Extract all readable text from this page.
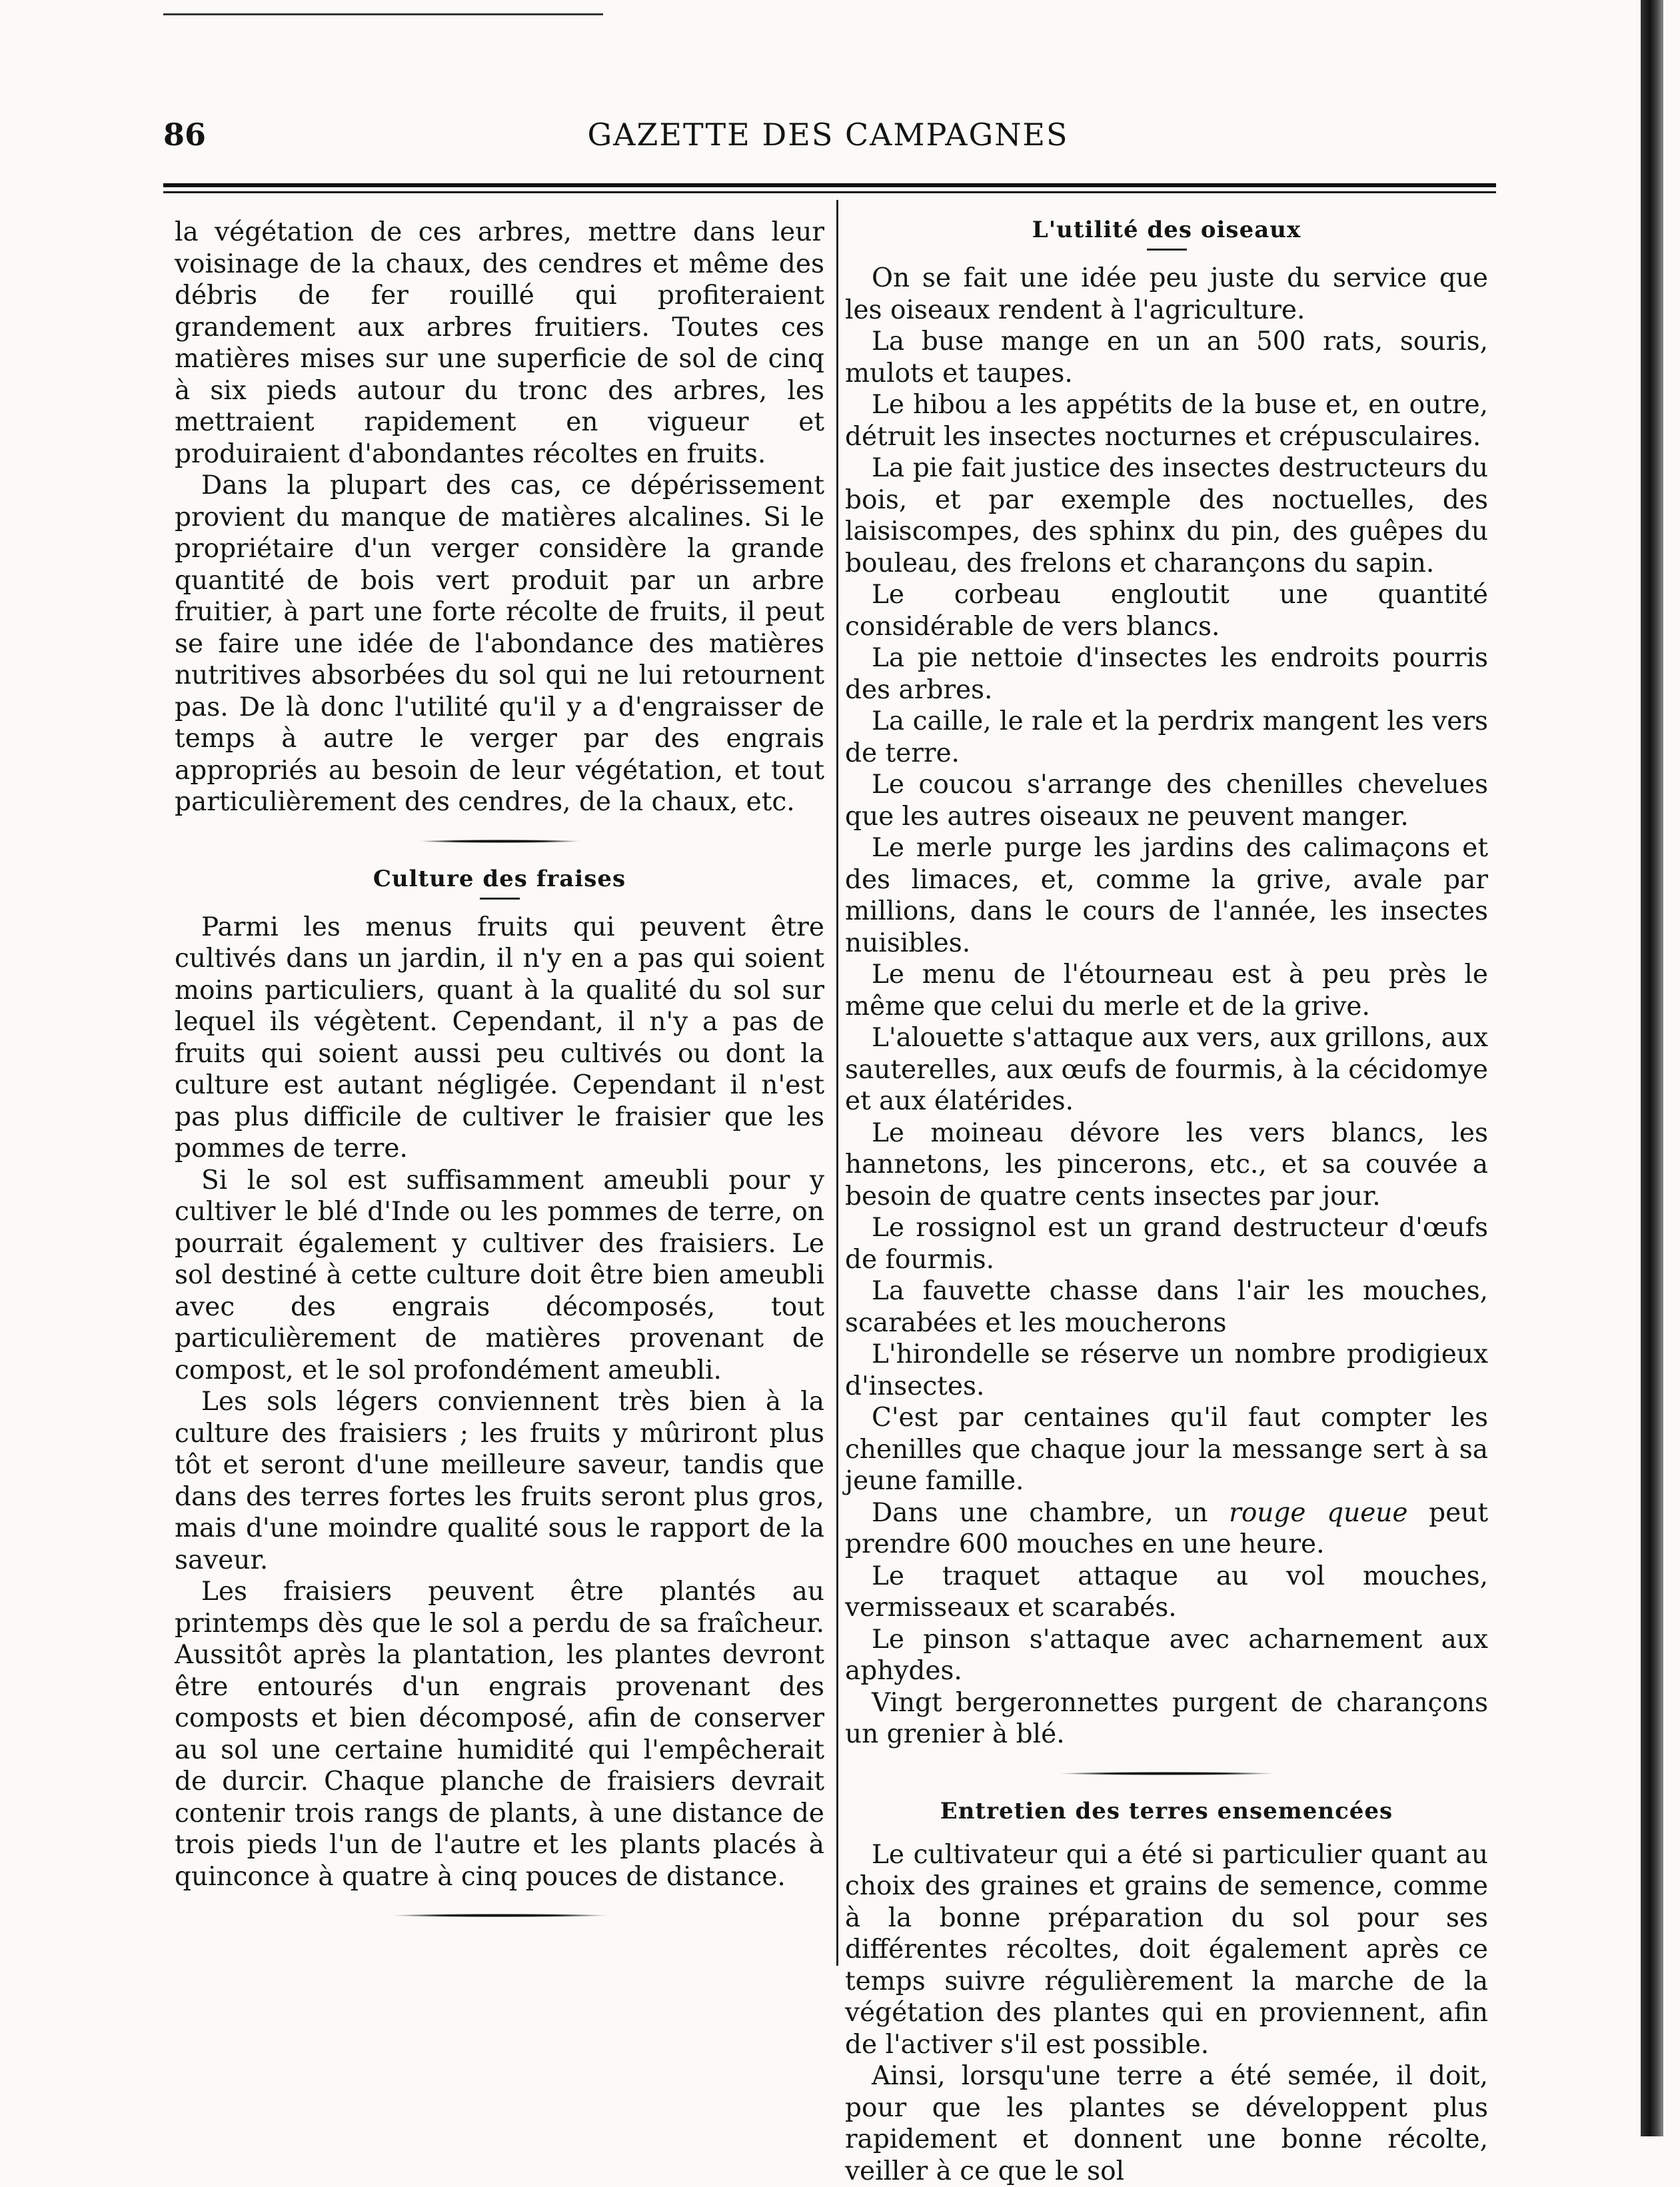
86	GAZETTE DES CAMPAGNES

la végétation de ces arbres, mettre dans leur voisinage de la chaux, des cendres et même des débris de fer rouillé qui profiteraient grandement aux arbres fruitiers. Toutes ces matières mises sur une superficie de sol de cinq à six pieds autour du tronc des arbres, les mettraient rapidement en vigueur et produiraient d'abondantes récoltes en fruits.

Dans la plupart des cas, ce dépérissement provient du manque de matières alcalines. Si le propriétaire d'un verger considère la grande quantité de bois vert produit par un arbre fruitier, à part une forte récolte de fruits, il peut se faire une idée de l'abondance des matières nutritives absorbées du sol qui ne lui retournent pas. De là donc l'utilité qu'il y a d'engraisser de temps à autre le verger par des engrais appropriés au besoin de leur végétation, et tout particulièrement des cendres, de la chaux, etc.

Culture des fraises

Parmi les menus fruits qui peuvent être cultivés dans un jardin, il n'y en a pas qui soient moins particuliers, quant à la qualité du sol sur lequel ils végètent. Cependant, il n'y a pas de fruits qui soient aussi peu cultivés ou dont la culture est autant négligée. Cependant il n'est pas plus difficile de cultiver le fraisier que les pommes de terre.

Si le sol est suffisamment ameubli pour y cultiver le blé d'Inde ou les pommes de terre, on pourrait également y cultiver des fraisiers. Le sol destiné à cette culture doit être bien ameubli avec des engrais décomposés, tout particulièrement de matières provenant de compost, et le sol profondément ameubli.

Les sols légers conviennent très bien à la culture des fraisiers ; les fruits y mûriront plus tôt et seront d'une meilleure saveur, tandis que dans des terres fortes les fruits seront plus gros, mais d'une moindre qualité sous le rapport de la saveur.

Les fraisiers peuvent être plantés au printemps dès que le sol a perdu de sa fraîcheur. Aussitôt après la plantation, les plantes devront être entourés d'un engrais provenant des composts et bien décomposé, afin de conserver au sol une certaine humidité qui l'empêcherait de durcir. Chaque planche de fraisiers devrait contenir trois rangs de plants, à une distance de trois pieds l'un de l'autre et les plants placés à quinconce à quatre à cinq pouces de distance.

L'utilité des oiseaux

On se fait une idée peu juste du service que les oiseaux rendent à l'agriculture.

La buse mange en un an 500 rats, souris, mulots et taupes.

Le hibou a les appétits de la buse et, en outre, détruit les insectes nocturnes et crépusculaires.

La pie fait justice des insectes destructeurs du bois, et par exemple des noctuelles, des laisiscompes, des sphinx du pin, des guêpes du bouleau, des frelons et charançons du sapin.

Le corbeau engloutit une quantité considérable de vers blancs.

La pie nettoie d'insectes les endroits pourris des arbres.

La caille, le rale et la perdrix mangent les vers de terre.

Le coucou s'arrange des chenilles chevelues que les autres oiseaux ne peuvent manger.

Le merle purge les jardins des calimaçons et des limaces, et, comme la grive, avale par millions, dans le cours de l'année, les insectes nuisibles.

Le menu de l'étourneau est à peu près le même que celui du merle et de la grive.

L'alouette s'attaque aux vers, aux grillons, aux sauterelles, aux œufs de fourmis, à la cécidomye et aux élatérides.

Le moineau dévore les vers blancs, les hannetons, les pincerons, etc., et sa couvée a besoin de quatre cents insectes par jour.

Le rossignol est un grand destructeur d'œufs de fourmis.

La fauvette chasse dans l'air les mouches, scarabées et les moucherons

L'hirondelle se réserve un nombre prodigieux d'insectes.

C'est par centaines qu'il faut compter les chenilles que chaque jour la messange sert à sa jeune famille.

Dans une chambre, un rouge queue peut prendre 600 mouches en une heure.

Le traquet attaque au vol mouches, vermisseaux et scarabés.

Le pinson s'attaque avec acharnement aux aphydes.

Vingt bergeronnettes purgent de charançons un grenier à blé.

Entretien des terres ensemencées

Le cultivateur qui a été si particulier quant au choix des graines et grains de semence, comme à la bonne préparation du sol pour ses différentes récoltes, doit également après ce temps suivre régulièrement la marche de la végétation des plantes qui en proviennent, afin de l'activer s'il est possible.

Ainsi, lorsqu'une terre a été semée, il doit, pour que les plantes se développent plus rapidement et donnent une bonne récolte, veiller à ce que le sol
